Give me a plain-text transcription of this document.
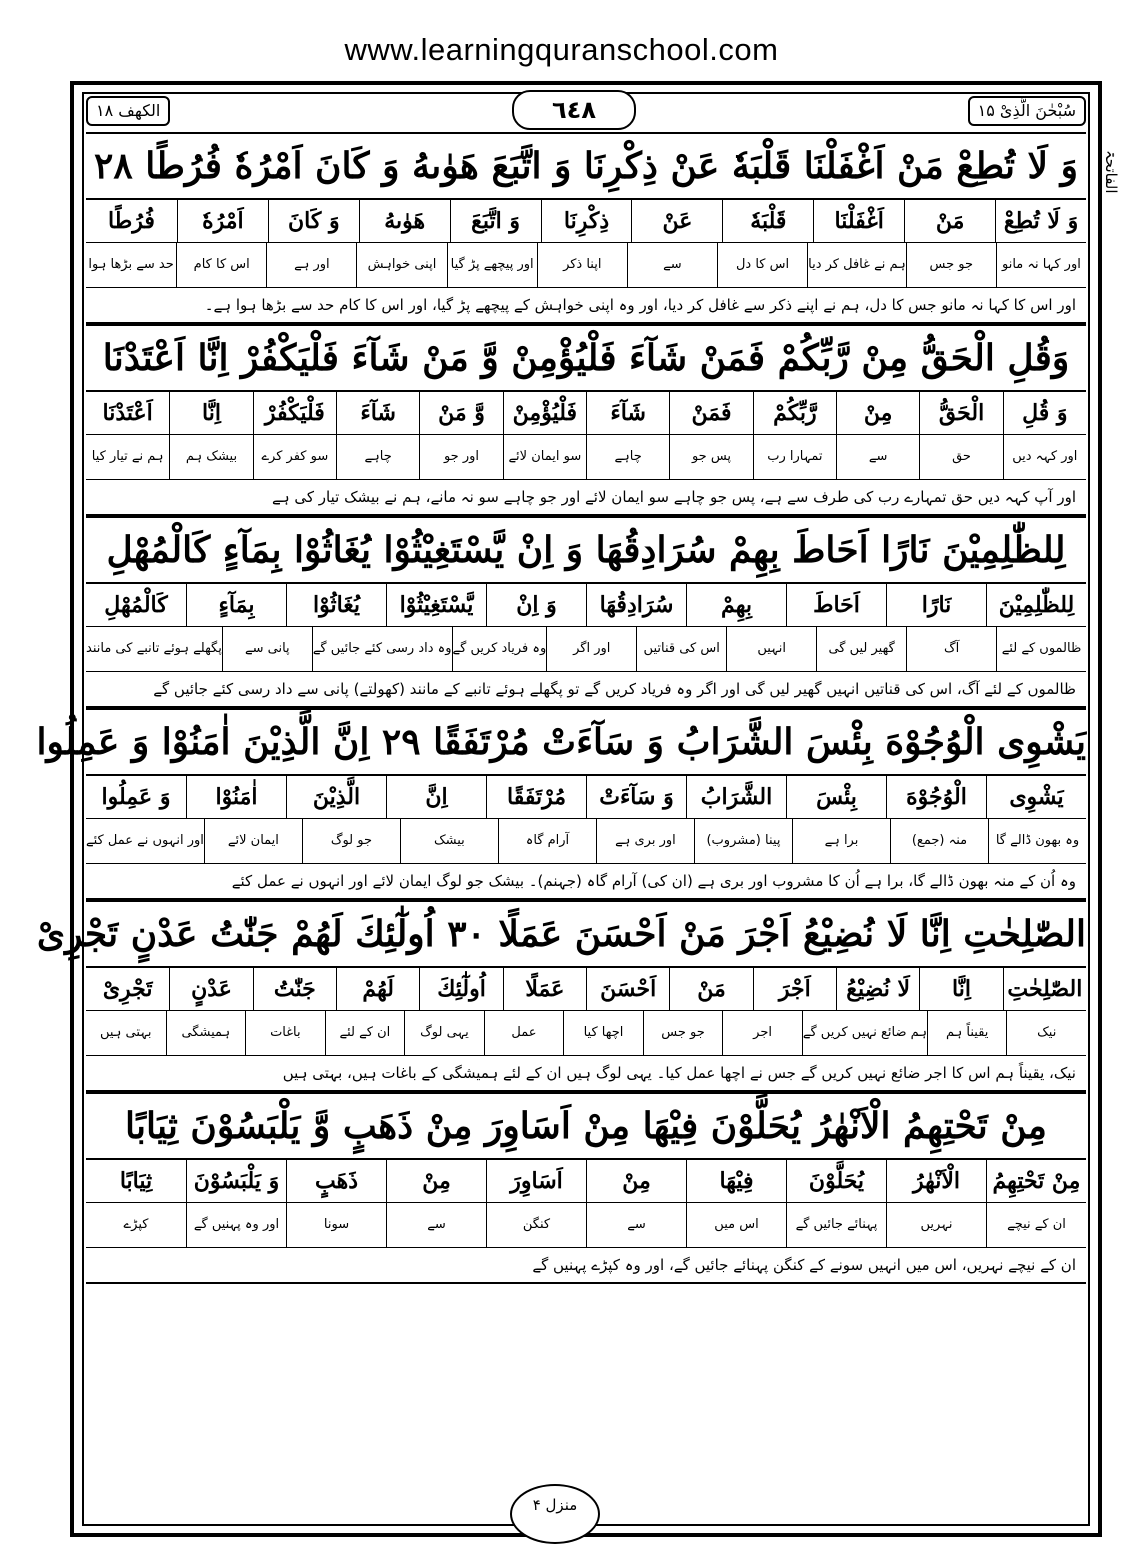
www.learningquranschool.com
الکھف ۱۸	٦٤٨	سُبْحٰنَ الَّذِیْ ۱۵
الفاتحۃ
وَ لَا تُطِعْ مَنْ اَغْفَلْنَا قَلْبَهٗ عَنْ ذِكْرِنَا وَ اتَّبَعَ هَوٰىهُ وَ كَانَ اَمْرُهٗ فُرُطًا ۲۸
وَ لَا تُطِعْ
مَنْ
اَغْفَلْنَا
قَلْبَهٗ
عَنْ
ذِكْرِنَا
وَ اتَّبَعَ
هَوٰىهُ
وَ كَانَ
اَمْرُهٗ
فُرُطًا
اور کہا نہ مانو
جو جس
ہم نے غافل کر دیا
اس کا دل
سے
اپنا ذکر
اور پیچھے پڑ گیا
اپنی خواہش
اور ہے
اس کا کام
حد سے بڑھا ہوا
اور اس کا کہا نہ مانو جس کا دل، ہم نے اپنے ذکر سے غافل کر دیا، اور وہ اپنی خواہش کے پیچھے پڑ گیا، اور اس کا کام حد سے بڑھا ہوا ہے۔
وَقُلِ الْحَقُّ مِنْ رَّبِّكُمْ فَمَنْ شَآءَ فَلْيُؤْمِنْ وَّ مَنْ شَآءَ فَلْيَكْفُرْ اِنَّا اَعْتَدْنَا
وَ قُلِ
الْحَقُّ
مِنْ
رَّبِّكُمْ
فَمَنْ
شَآءَ
فَلْيُؤْمِنْ
وَّ مَنْ
شَآءَ
فَلْيَكْفُرْ
اِنَّا
اَعْتَدْنَا
اور کہہ دیں
حق
سے
تمہارا رب
پس جو
چاہے
سو ایمان لائے
اور جو
چاہے
سو کفر کرے
بیشک ہم
ہم نے تیار کیا
اور آپ کہہ دیں حق تمہارے رب کی طرف سے ہے، پس جو چاہے سو ایمان لائے اور جو چاہے سو نہ مانے، ہم نے بیشک تیار کی ہے
لِلظّٰلِمِيْنَ نَارًا اَحَاطَ بِهِمْ سُرَادِقُهَا وَ اِنْ يَّسْتَغِيْثُوْا يُغَاثُوْا بِمَآءٍ كَالْمُهْلِ
لِلظّٰلِمِيْنَ
نَارًا
اَحَاطَ
بِهِمْ
سُرَادِقُهَا
وَ اِنْ
يَّسْتَغِيْثُوْا
يُغَاثُوْا
بِمَآءٍ
كَالْمُهْلِ
ظالموں کے لئے
آگ
گھیر لیں گی
انہیں
اس کی قناتیں
اور اگر
وہ فریاد کریں گے
وہ داد رسی کئے جائیں گے
پانی سے
پگھلے ہوئے تانبے کی مانند
ظالموں کے لئے آگ، اس کی قناتیں انہیں گھیر لیں گی اور اگر وہ فریاد کریں گے تو پگھلے ہوئے تانبے کے مانند (کھولتے) پانی سے داد رسی کئے جائیں گے
يَشْوِى الْوُجُوْهَ بِئْسَ الشَّرَابُ وَ سَآءَتْ مُرْتَفَقًا ۲۹ اِنَّ الَّذِيْنَ اٰمَنُوْا وَ عَمِلُوا
يَشْوِى
الْوُجُوْهَ
بِئْسَ
الشَّرَابُ
وَ سَآءَتْ
مُرْتَفَقًا
اِنَّ
الَّذِيْنَ
اٰمَنُوْا
وَ عَمِلُوا
وہ بھون ڈالے گا
منہ (جمع)
برا ہے
پینا (مشروب)
اور بری ہے
آرام گاہ
بیشک
جو لوگ
ایمان لائے
اور انہوں نے عمل کئے
وہ اُن کے منہ بھون ڈالے گا، برا ہے اُن کا مشروب اور بری ہے (ان کی) آرام گاہ (جہنم)۔ بیشک جو لوگ ایمان لائے اور انہوں نے عمل کئے
الصّٰلِحٰتِ اِنَّا لَا نُضِيْعُ اَجْرَ مَنْ اَحْسَنَ عَمَلًا ۳۰ اُولٰٓئِكَ لَهُمْ جَنّٰتُ عَدْنٍ تَجْرِىْ
الصّٰلِحٰتِ
اِنَّا
لَا نُضِيْعُ
اَجْرَ
مَنْ
اَحْسَنَ
عَمَلًا
اُولٰٓئِكَ
لَهُمْ
جَنّٰتُ
عَدْنٍ
تَجْرِىْ
نیک
یقیناً ہم
ہم ضائع نہیں کریں گے
اجر
جو جس
اچھا کیا
عمل
یہی لوگ
ان کے لئے
باغات
ہمیشگی
بہتی ہیں
نیک، یقیناً ہم اس کا اجر ضائع نہیں کریں گے جس نے اچھا عمل کیا۔ یہی لوگ ہیں ان کے لئے ہمیشگی کے باغات ہیں، بہتی ہیں
مِنْ تَحْتِهِمُ الْاَنْهٰرُ يُحَلَّوْنَ فِيْهَا مِنْ اَسَاوِرَ مِنْ ذَهَبٍ وَّ يَلْبَسُوْنَ ثِيَابًا
مِنْ تَحْتِهِمُ
الْاَنْهٰرُ
يُحَلَّوْنَ
فِيْهَا
مِنْ
اَسَاوِرَ
مِنْ
ذَهَبٍ
وَ يَلْبَسُوْنَ
ثِيَابًا
ان کے نیچے
نہریں
پہنائے جائیں گے
اس میں
سے
کنگن
سے
سونا
اور وہ پہنیں گے
کپڑے
ان کے نیچے نہریں، اس میں انہیں سونے کے کنگن پہنائے جائیں گے، اور وہ کپڑے پہنیں گے
منزل ۴
